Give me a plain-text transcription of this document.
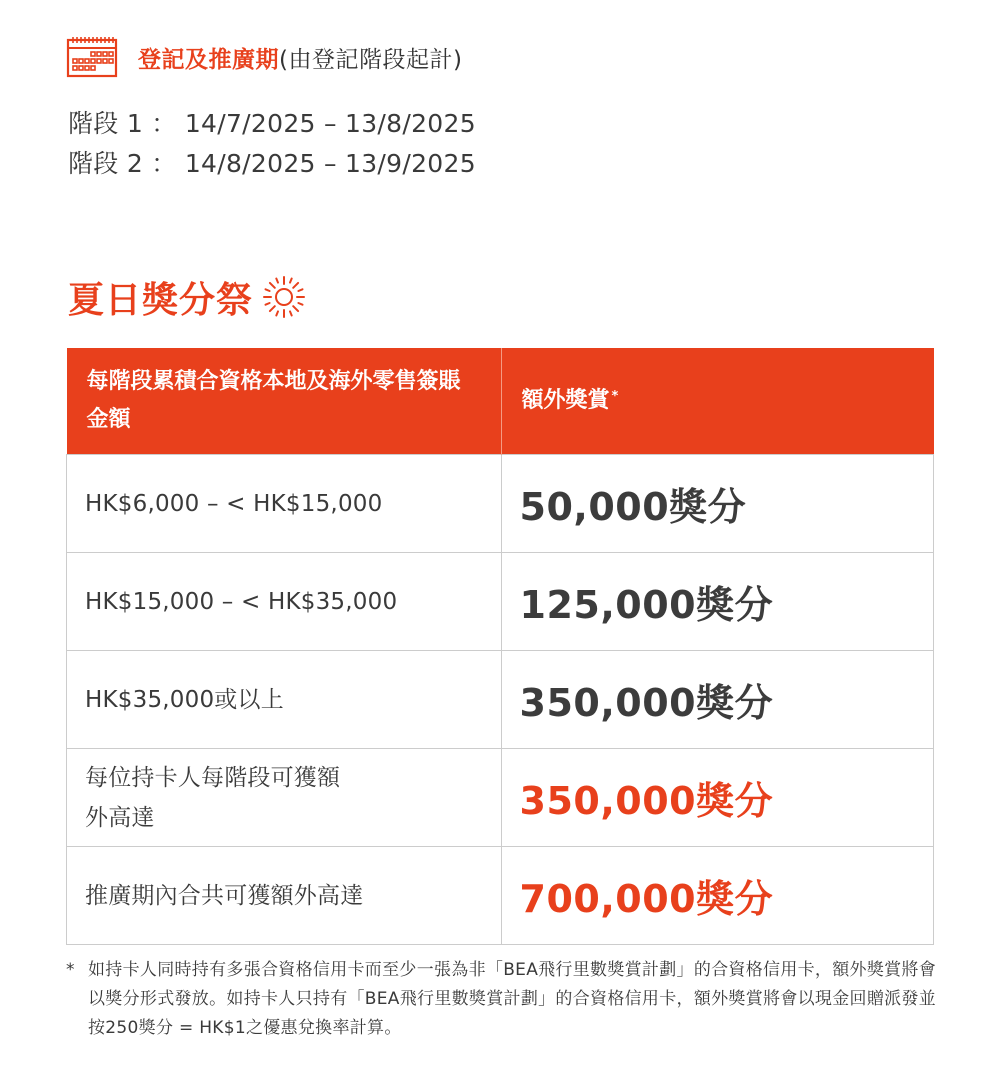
登記及推廣期 (由登記階段起計)
階段 1 ： 14/7/2025 – 13/8/2025
階段 2 ： 14/8/2025 – 13/9/2025
夏日獎分祭
每階段累積合資格本地及海外零售簽賬金額	額外獎賞 *
HK$6,000 – < HK$15,000	50,000獎分
HK$15,000 – < HK$35,000	125,000獎分
HK$35,000或以上	350,000獎分
每位持卡人每階段可獲額外高達	350,000獎分
推廣期內合共可獲額外高達	700,000獎分
* 如持卡人同時持有多張合資格信用卡而至少一張為非「BEA飛行里數獎賞計劃」的合資格信用卡，額外獎賞將會以獎分形式發放。如持卡人只持有「BEA飛行里數獎賞計劃」的合資格信用卡，額外獎賞將會以現金回贈派發並按250獎分 = HK$1之優惠兌換率計算。
